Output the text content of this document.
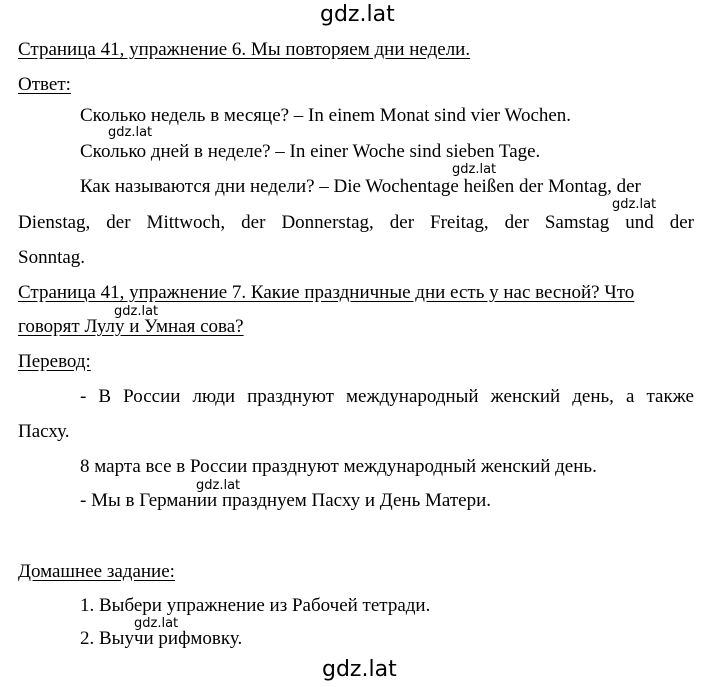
gdz.lat
Страница 41, упражнение 6. Мы повторяем дни недели.
Ответ:
Сколько недель в месяце? – In einem Monat sind vier Wochen.
gdz.lat
Сколько дней в неделе? – In einer Woche sind sieben Tage.
gdz.lat
Как называются дни недели? – Die Wochentage heißen der Montag, der
gdz.lat
Dienstag, der Mittwoch, der Donnerstag, der Freitag, der Samstag und der
Sonntag.
Страница 41, упражнение 7. Какие праздничные дни есть у нас весной? Что
gdz.lat
говорят Лулу и Умная сова?
Перевод:
- В России люди празднуют международный женский день, а также
Пасху.
8 марта все в России празднуют международный женский день.
gdz.lat
- Мы в Германии празднуем Пасху и День Матери.
Домашнее задание:
1. Выбери упражнение из Рабочей тетради.
gdz.lat
2. Выучи рифмовку.
gdz.lat
